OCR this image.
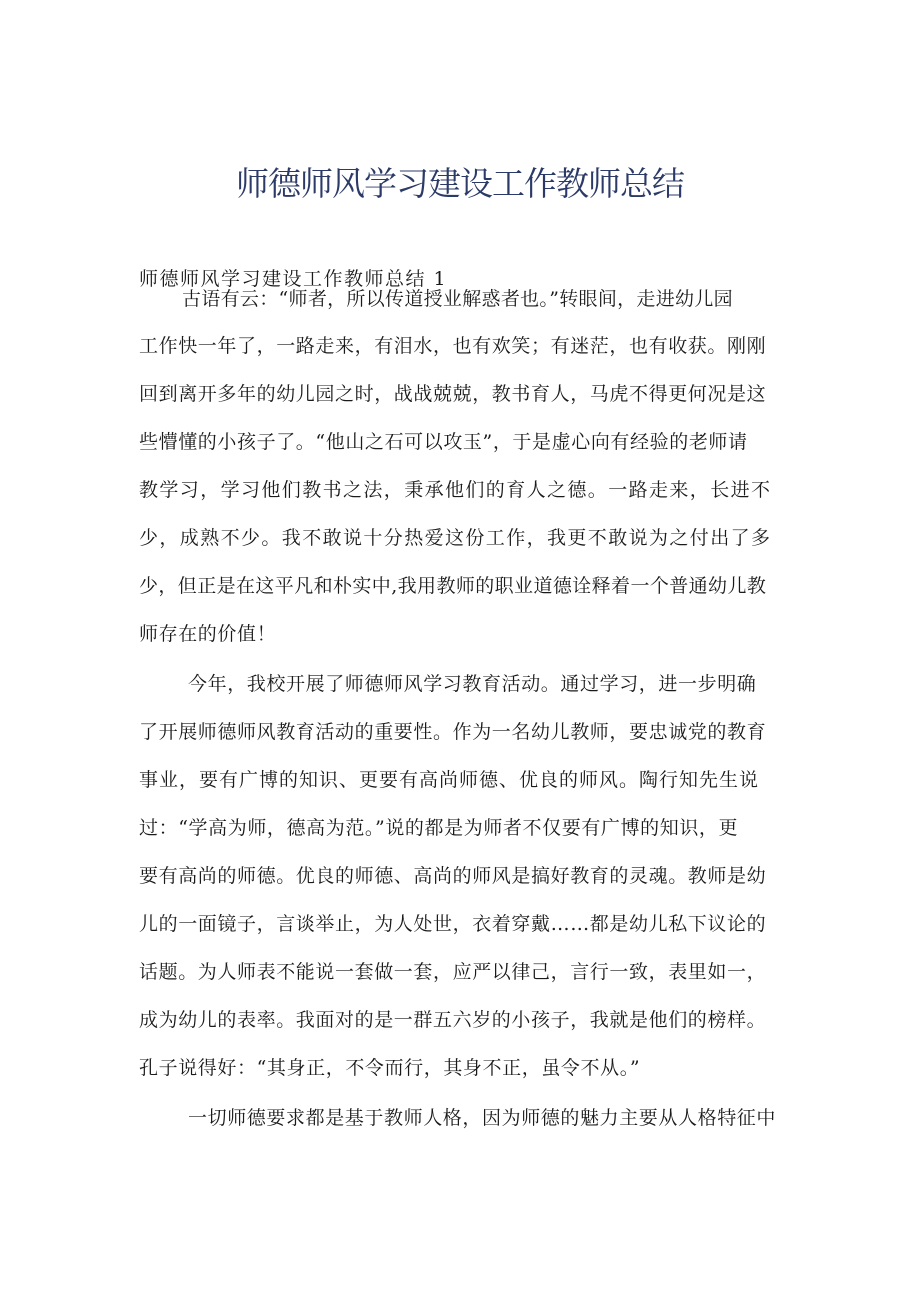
师德师风学习建设工作教师总结
师德师风学习建设工作教师总结 1

古语有云：“师者，所以传道授业解惑者也。”转眼间，走进幼儿园

工作快一年了，一路走来，有泪水，也有欢笑；有迷茫，也有收获。刚刚

回到离开多年的幼儿园之时，战战兢兢，教书育人，马虎不得更何况是这

些懵懂的小孩子了。“他山之石可以攻玉”，于是虚心向有经验的老师请

教学习，学习他们教书之法，秉承他们的育人之德。一路走来，长进不

少，成熟不少。我不敢说十分热爱这份工作，我更不敢说为之付出了多

少，但正是在这平凡和朴实中,我用教师的职业道德诠释着一个普通幼儿教

师存在的价值！

今年，我校开展了师德师风学习教育活动。通过学习，进一步明确

了开展师德师风教育活动的重要性。作为一名幼儿教师，要忠诚党的教育

事业，要有广博的知识、更要有高尚师德、优良的师风。陶行知先生说

过：“学高为师，德高为范。”说的都是为师者不仅要有广博的知识，更

要有高尚的师德。优良的师德、高尚的师风是搞好教育的灵魂。教师是幼

儿的一面镜子，言谈举止，为人处世，衣着穿戴……都是幼儿私下议论的

话题。为人师表不能说一套做一套，应严以律己，言行一致，表里如一，

成为幼儿的表率。我面对的是一群五六岁的小孩子，我就是他们的榜样。

孔子说得好：“其身正，不令而行，其身不正，虽令不从。”

一切师德要求都是基于教师人格，因为师德的魅力主要从人格特征中
